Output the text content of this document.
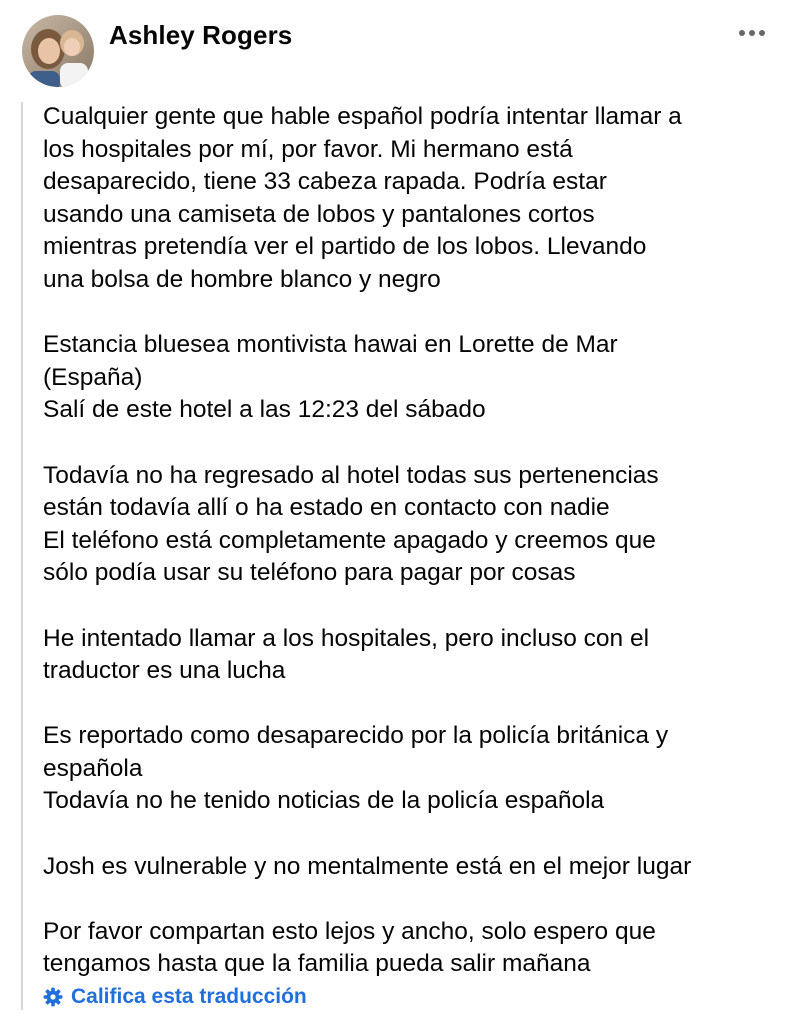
Ashley Rogers

Cualquier gente que hable español podría intentar llamar a
los hospitales por mí, por favor. Mi hermano está
desaparecido, tiene 33 cabeza rapada. Podría estar
usando una camiseta de lobos y pantalones cortos
mientras pretendía ver el partido de los lobos. Llevando
una bolsa de hombre blanco y negro

Estancia bluesea montivista hawai en Lorette de Mar
(España)
Salí de este hotel a las 12:23 del sábado

Todavía no ha regresado al hotel todas sus pertenencias
están todavía allí o ha estado en contacto con nadie
El teléfono está completamente apagado y creemos que
sólo podía usar su teléfono para pagar por cosas

He intentado llamar a los hospitales, pero incluso con el
traductor es una lucha

Es reportado como desaparecido por la policía británica y
española
Todavía no he tenido noticias de la policía española

Josh es vulnerable y no mentalmente está en el mejor lugar

Por favor compartan esto lejos y ancho, solo espero que
tengamos hasta que la familia pueda salir mañana

Califica esta traducción
